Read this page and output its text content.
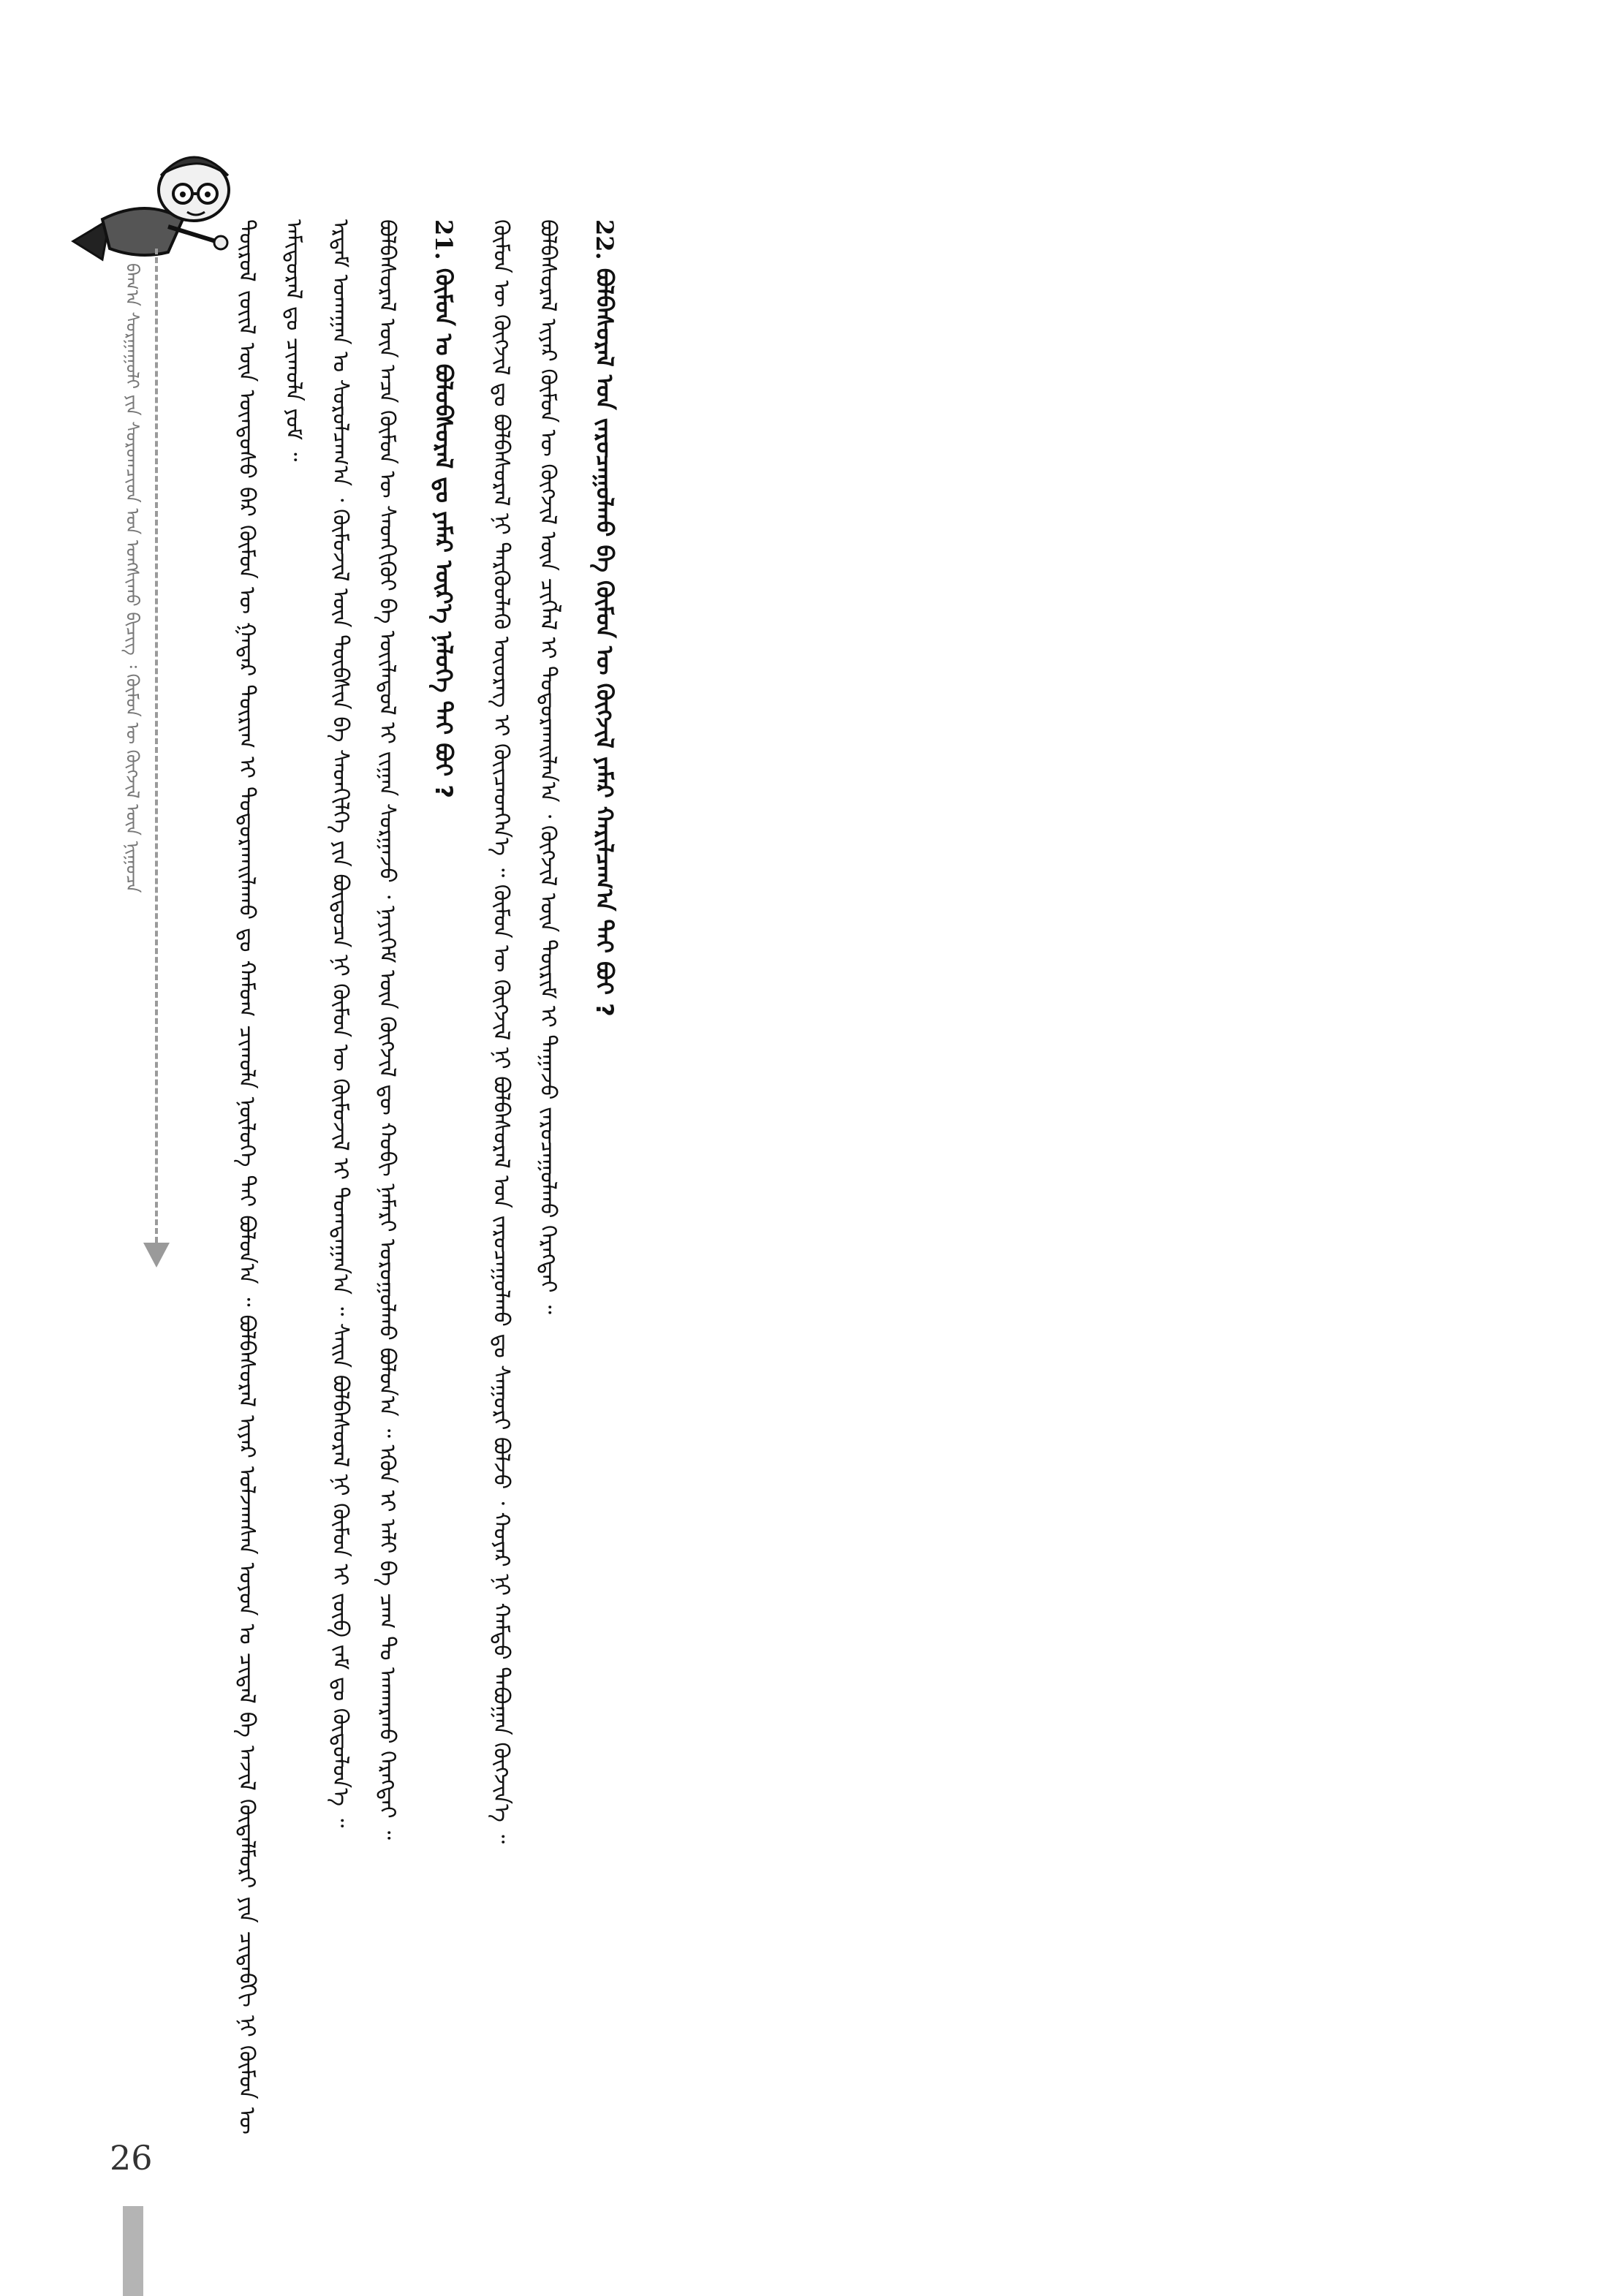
ᠪᠠᠭ᠎ᠠ ᠰᠤᠷᠭᠠᠭᠤᠯᠢ ᠶᠢᠨ ᠰᠤᠷᠤᠭᠴᠢᠳ ᠤᠨ ᠤᠩᠰᠢᠬᠤ ᠪᠢᠴᠢᠭ ᠄ ᠬᠦᠮᠦᠨ ᠦ ᠬᠥᠭᠵᠢᠯ ᠦᠨ ᠨᠢᠭᠤᠴᠠ	ᠲᠥᠷᠥᠯ ᠵᠦᠢᠯ ᠦᠨ ᠦᠨᠳᠦᠰᠦ ᠪᠡᠷ ᠬᠦᠮᠦᠨ ᠦ ᠭᠠᠳᠠᠷ ᠲᠥᠷᠢᠬ ᠢ ᠲᠣᠳᠣᠷᠬᠠᠢᠯᠠᠬᠤ ᠳᠤ ᠬᠠᠮᠤᠭ ᠴᠢᠬᠤᠯᠠ ᠨᠥᠯᠥᠭᠡ ᠲᠠᠢ ᠪᠣᠯᠤᠨ᠎ᠠ ᠃ ᠪᠣᠯᠪᠠᠰᠤᠷᠠᠯ ᠢᠶᠠᠷ ᠣᠯᠵᠠᠭᠰᠠᠨ ᠣᠶᠤᠨ ᠤ ᠴᠢᠳᠠᠯ ᠪᠠ ᠠᠵᠢᠯ ᠬᠥᠳᠡᠯᠮᠦᠷᠢ ᠶᠢᠨ ᠴᠢᠳᠠᠪᠬᠢ ᠨᠢ ᠬᠦᠮᠦᠨ ᠦ ᠠᠮᠢᠳᠤᠷᠠᠯ ᠳᠤ ᠴᠢᠬᠤᠯᠠ ᠶᠤᠮ ᠃ ᠡᠷᠳᠡᠮ ᠤᠬᠠᠭᠠᠨ ᠤ ᠰᠤᠷᠤᠯᠴᠠᠭ᠎ᠠ ᠂ ᠬᠦᠮᠦᠵᠢᠯ ᠦᠨ ᠲᠦᠪᠰᠢᠨ ᠪᠠ ᠰᠡᠳᠬᠢᠯᠭᠡ ᠶᠢᠨ ᠪᠦᠲᠦᠴᠡ ᠨᠢ ᠬᠦᠮᠦᠨ ᠦ ᠬᠦᠮᠦᠵᠢᠯ ᠢ ᠲᠣᠭᠲᠠᠭᠠᠨ᠎ᠠ ᠃ ᠰᠠᠢᠨ ᠪᠣᠯᠪᠠᠰᠤᠷᠠᠯ ᠨᠢ ᠬᠦᠮᠦᠨ ᠢ ᠵᠥᠪ ᠵᠠᠮ ᠳᠤ ᠬᠥᠲᠦᠯᠦᠨ᠎ᠡ ᠃ ᠪᠣᠯᠪᠠᠰᠤᠷᠠᠯ ᠦᠨ ᠠᠴᠠ ᠬᠦᠮᠦᠨ ᠦ ᠰᠡᠳᠬᠢᠬᠦᠢ ᠪᠠ ᠦᠢᠯᠡᠳᠦᠯ ᠢ ᠵᠢᠭᠠᠨ ᠰᠤᠷᠭᠠᠵᠤ ᠂ ᠨᠡᠶᠢᠭᠡᠮ ᠦᠨ ᠬᠥᠭᠵᠢᠯ ᠳᠦ ᠬᠤᠪᠢ ᠨᠡᠮᠡᠷᠢ ᠣᠷᠤᠭᠤᠯᠬᠤ ᠪᠣᠯᠤᠨ᠎ᠠ ᠃ ᠡᠭᠦᠨ ᠢ ᠠᠯᠢ ᠪᠠ ᠴᠠᠭ ᠲᠤ ᠠᠨᠬᠠᠷᠬᠤ ᠬᠡᠷᠡᠭᠲᠡᠢ ᠃	21. ᠬᠦᠮᠦᠨ ᠤ ᠪᠤᠯᠤᠪᠰᠤᠷᠠᠯ ᠳᠤ ᠶᠠᠮᠠᠷ ᠦᠷ᠎ᠡ ᠨᠡᠯᠦᠭᠡ ᠲᠠᠢ ᠪᠤᠢ ?	ᠬᠦᠮᠦᠨ ᠦ ᠬᠥᠭᠵᠢᠯ ᠳᠤ ᠪᠣᠯᠪᠠᠰᠤᠷᠠᠯ ᠨᠢ ᠲᠡᠷᠭᠦᠦᠯᠡᠬᠦ ᠦᠦᠷᠡᠭ ᠢ ᠭᠦᠢᠴᠡᠳᠬᠡᠨ᠎ᠡ ᠃ ᠬᠦᠮᠦᠨ ᠦ ᠬᠥᠭᠵᠢᠯ ᠨᠢ ᠪᠣᠯᠪᠠᠰᠤᠷᠠᠯ ᠤᠨ ᠵᠠᠷᠤᠴᠠᠭᠤᠯᠬᠤ ᠳᠤ ᠰᠠᠭᠤᠷᠢ ᠪᠣᠯᠵᠤ ᠂ ᠬᠣᠶᠠᠷ ᠨᠢ ᠬᠠᠮᠲᠤ ᠳᠠᠪᠤᠭᠠᠨ ᠬᠥᠭᠵᠢᠨ᠎ᠡ ᠃ ᠪᠣᠯᠪᠠᠰᠤᠷᠠᠯ ᠢᠶᠠᠷ ᠬᠦᠮᠦᠨ ᠦ ᠬᠥᠭᠵᠢᠯ ᠦᠨ ᠴᠢᠭᠯᠡᠯ ᠢ ᠲᠣᠳᠣᠷᠬᠠᠢᠯᠠᠨ᠎ᠠ ᠂ ᠬᠥᠭᠵᠢᠯ ᠦᠨ ᠳᠦᠷᠢᠮ ᠢ ᠳᠠᠭᠠᠵᠤ ᠵᠠᠷᠤᠴᠠᠭᠤᠯᠬᠤ ᠬᠡᠷᠡᠭᠲᠡᠢ ᠃	22. ᠪᠣᠯᠪᠠᠰᠤᠷᠠᠯ ᠤᠨ ᠵᠠᠷᠤᠴᠠᠭᠤᠯᠬᠤ ᠪᠠ ᠬᠦᠮᠦᠨ ᠦ ᠬᠥᠭᠵᠢᠯ ᠶᠠᠮᠠᠷ ᠬᠠᠷᠢᠯᠴᠠᠭ᠎ᠠ ᠲᠠᠢ ᠪᠤᠢ ?
26
